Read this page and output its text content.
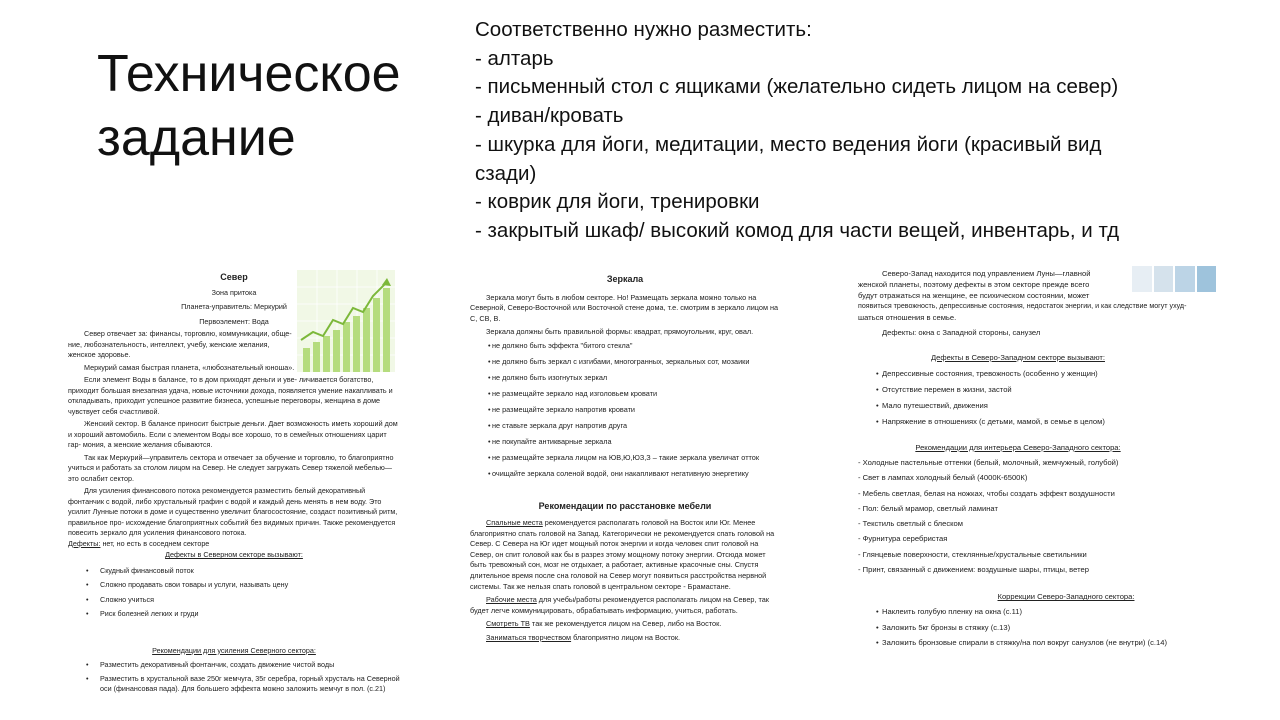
Техническое
задание
Соответственно нужно разместить:
- алтарь
- письменный стол с ящиками (желательно сидеть лицом на север)
- диван/кровать
- шкурка для йоги, медитации, место ведения йоги (красивый вид
сзади)
- коврик для йоги, тренировки
- закрытый шкаф/ высокий комод для части вещей, инвентарь, и тд
Север

Зона притока

Планета-управитель: Меркурий

Первоэлемент: Вода

Север отвечает за: финансы, торговлю, коммуникации, обще- ние, любознательность, интеллект, учебу, женские желания, женское здоровье.

Меркурий самая быстрая планета, «любознательный юноша».

Если элемент Воды в балансе, то в дом приходят деньги и уве- личивается богатство, приходит большая внезапная удача, новые источники дохода, появляется умение накапливать и откладывать, приходит успешное развитие бизнеса, успешные переговоры, женщина в доме чувствует себя счастливой.

Женский сектор. В балансе приносит быстрые деньги. Дает возможность иметь хороший дом и хороший автомобиль. Если с элементом Воды все хорошо, то в семейных отношениях царит гар- мония, а женские желания сбываются.

Так как Меркурий—управитель сектора и отвечает за обучение и торговлю, то благоприятно учиться и работать за столом лицом на Север. Не следует загружать Север тяжелой мебелью—это ослабит сектор.

Для усиления финансового потока рекомендуется разместить белый декоративный фонтанчик с водой, либо хрустальный графин с водой и каждый день менять в нем воду. Это усилит Лунные потоки в доме и существенно увеличит благосостояние, создаст позитивный ритм, правильное про- исхождение благоприятных событий без видимых причин. Также рекомендуется повесить зеркало для усиления финансового потока.

Дефекты: нет, но есть в соседнем секторе

Дефекты в Северном секторе вызывают:

• Скудный финансовый поток
• Сложно продавать свои товары и услуги, называть цену
• Сложно учиться
• Риск болезней легких и груди

Рекомендации для усиления Северного сектора:

• Разместить декоративный фонтанчик, создать движение чистой воды
• Разместить в хрустальной вазе 250г жемчуга, 35г серебра, горный хрусталь на Северной оси (финансовая пада). Для большего эффекта можно заложить жемчуг в пол. (с.21)
Зеркала

Зеркала могут быть в любом секторе. Но! Размещать зеркала можно только на Северной, Северо-Восточной или Восточной стене дома, т.е. смотрим в зеркало лицом на С, СВ, В.

Зеркала должны быть правильной формы: квадрат, прямоугольник, круг, овал.

• не должно быть эффекта "битого стекла"
• не должно быть зеркал с изгибами, многогранных, зеркальных сот, мозаики
• не должно быть изогнутых зеркал
• не размещайте зеркало над изголовьем кровати
• не размещайте зеркало напротив кровати
• не ставьте зеркала друг напротив друга
• не покупайте антикварные зеркала
• не размещайте зеркала лицом на ЮВ,Ю,ЮЗ,З – такие зеркала увеличат отток
• очищайте зеркала соленой водой, они накапливают негативную энергетику
Рекомендации по расстановке мебели

Спальные места рекомендуется располагать головой на Восток или Юг. Менее благоприятно спать головой на Запад. Категорически не рекомендуется спать головой на Север. С Севера на Юг идет мощный поток энергии и когда человек спит головой на Север, он спит головой как бы в разрез этому мощному потоку энергии. Отсюда может быть тревожный сон, мозг не отдыхает, а работает, активные красочные сны. Спустя длительное время после сна головой на Север могут появиться расстройства нервной системы. Так же нельзя спать головой в центральном секторе - Брамастане.

Рабочие места для учебы/работы рекомендуется располагать лицом на Север, так будет легче коммуницировать, обрабатывать информацию, учиться, работать.

Смотреть ТВ так же рекомендуется лицом на Север, либо на Восток.

Заниматься творчеством благоприятно лицом на Восток.

Северо-Запад находится под управлением Луны—главной

женской планеты, поэтому дефекты в этом секторе прежде всего

будут отражаться на женщине, ее психическом состоянии, может

появиться тревожность, депрессивные состояния, недостаток энергии, и как следствие могут ухуд-

шаться отношения в семье.

Дефекты: окна с Западной стороны, санузел

Дефекты в Северо-Западном секторе вызывают:

• Депрессивные состояния, тревожность (особенно у женщин)
• Отсутствие перемен в жизни, застой
• Мало путешествий, движения
• Напряжение в отношениях (с детьми, мамой, в семье в целом)

Рекомендации для интерьера Северо-Западного сектора:

- Холодные пастельные оттенки (белый, молочный, жемчужный, голубой)

- Свет в лампах холодный белый (4000К-6500К)

- Мебель светлая, белая на ножках, чтобы создать эффект воздушности

- Пол: белый мрамор, светлый ламинат

- Текстиль светлый с блеском

- Фурнитура серебристая

- Глянцевые поверхности, стеклянные/хрустальные светильники

- Принт, связанный с движением: воздушные шары, птицы, ветер

Коррекции Северо-Западного сектора:

• Наклеить голубую пленку на окна (с.11)
• Заложить 5кг бронзы в стяжку (с.13)
• Заложить бронзовые спирали в стяжку/на пол вокруг санузлов (не внутри) (с.14)
